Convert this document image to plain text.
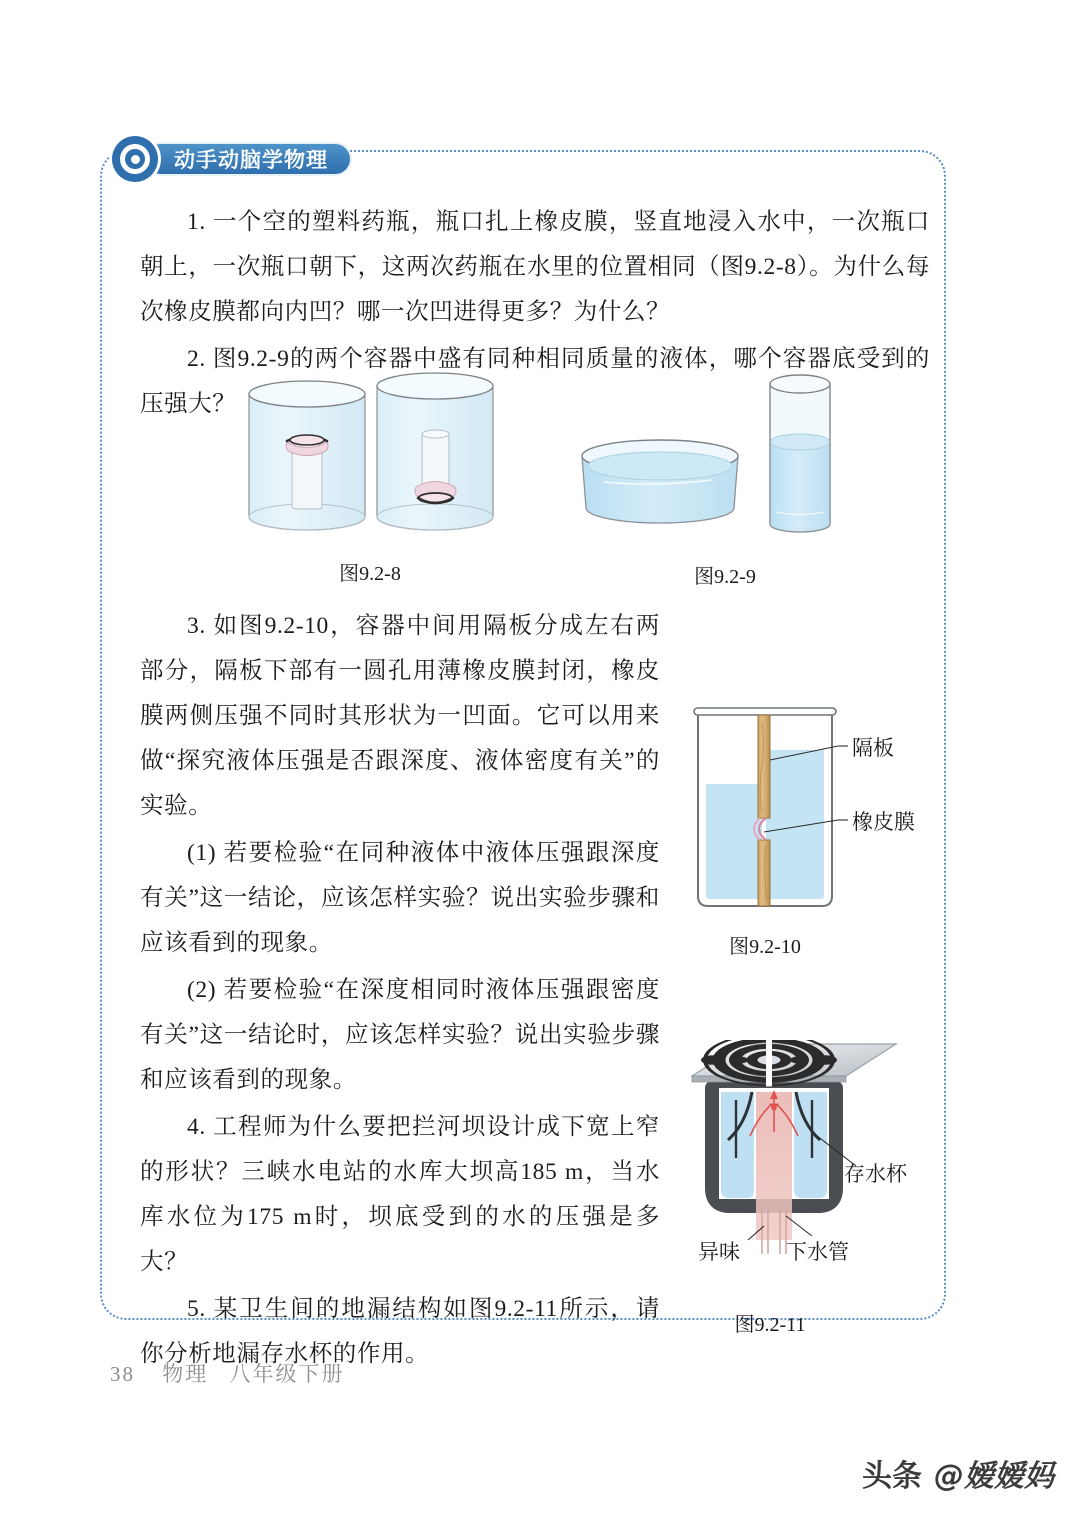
动手动脑学物理

1. 一个空的塑料药瓶，瓶口扎上橡皮膜，竖直地浸入水中，一次瓶口朝上，一次瓶口朝下，这两次药瓶在水里的位置相同（图9.2-8）。为什么每次橡皮膜都向内凹？哪一次凹进得更多？为什么？

2. 图9.2-9的两个容器中盛有同种相同质量的液体，哪个容器底受到的压强大？

图9.2-8	图9.2-9

3. 如图9.2-10，容器中间用隔板分成左右两部分，隔板下部有一圆孔用薄橡皮膜封闭，橡皮膜两侧压强不同时其形状为一凹面。它可以用来做“探究液体压强是否跟深度、液体密度有关”的实验。

(1) 若要检验“在同种液体中液体压强跟深度有关”这一结论，应该怎样实验？说出实验步骤和应该看到的现象。

(2) 若要检验“在深度相同时液体压强跟密度有关”这一结论时，应该怎样实验？说出实验步骤和应该看到的现象。

4. 工程师为什么要把拦河坝设计成下宽上窄的形状？三峡水电站的水库大坝高185 m，当水库水位为175 m时，坝底受到的水的压强是多大？

5. 某卫生间的地漏结构如图9.2-11所示，请你分析地漏存水杯的作用。

隔板
橡皮膜
图9.2-10
存水杯
异味 下水管
图9.2-11
38 物理 八年级下册
头条 @嫒嫒妈
